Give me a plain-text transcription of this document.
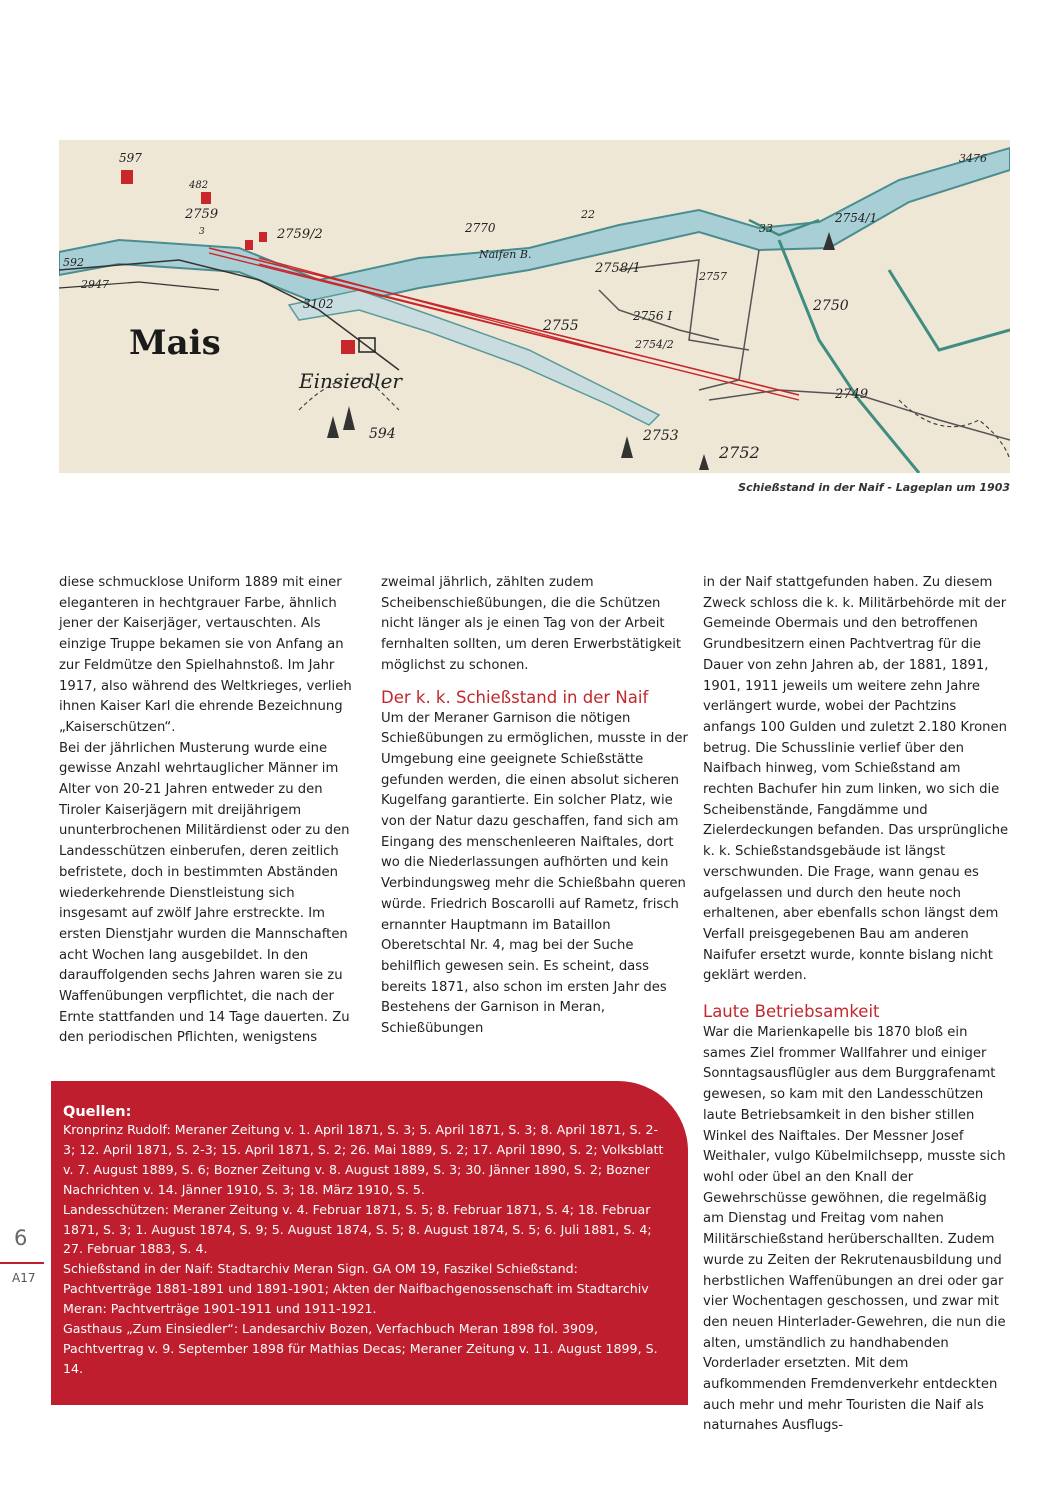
597
482
2759
3	2759/2	2770
22
3476
33
2754/1
592
2947
Naifen B.
2758/1
2757
2750
3102
2755
2756 I
2754/2
2749
594	2753
2752
Mais
Einsiedler
Schießstand in der Naif - Lageplan um 1903

diese schmucklose Uniform 1889 mit einer eleganteren in hechtgrauer Farbe, ähnlich jener der Kaiserjäger, vertauschten. Als einzige Truppe bekamen sie von Anfang an zur Feldmütze den Spielhahnstoß. Im Jahr 1917, also während des Weltkrieges, verlieh ihnen Kaiser Karl die ehrende Bezeichnung „Kaiserschützen“.

Bei der jährlichen Musterung wurde eine gewisse Anzahl wehrtauglicher Männer im Alter von 20-21 Jahren entweder zu den Tiroler Kaiserjägern mit dreijährigem ununterbrochenen Militärdienst oder zu den Landesschützen einberufen, deren zeitlich befristete, doch in bestimmten Abständen wiederkehrende Dienstleistung sich insgesamt auf zwölf Jahre erstreckte. Im ersten Dienstjahr wurden die Mannschaften acht Wochen lang ausgebildet. In den darauffolgenden sechs Jahren waren sie zu Waffenübungen verpflichtet, die nach der Ernte stattfanden und 14 Tage dauerten. Zu den periodischen Pflichten, wenigstens

zweimal jährlich, zählten zudem Scheibenschießübungen, die die Schützen nicht länger als je einen Tag von der Arbeit fernhalten sollten, um deren Erwerbstätigkeit möglichst zu schonen.

Der k. k. Schießstand in der Naif

Um der Meraner Garnison die nötigen Schießübungen zu ermöglichen, musste in der Umgebung eine geeignete Schießstätte gefunden werden, die einen absolut sicheren Kugelfang garantierte. Ein solcher Platz, wie von der Natur dazu geschaffen, fand sich am Eingang des menschenleeren Naiftales, dort wo die Niederlassungen aufhörten und kein Verbindungsweg mehr die Schießbahn queren würde. Friedrich Boscarolli auf Rametz, frisch ernannter Hauptmann im Bataillon Oberetschtal Nr. 4, mag bei der Suche behilflich gewesen sein. Es scheint, dass bereits 1871, also schon im ersten Jahr des Bestehens der Garnison in Meran, Schießübungen

in der Naif stattgefunden haben. Zu diesem Zweck schloss die k. k. Militärbehörde mit der Gemeinde Obermais und den betroffenen Grundbesitzern einen Pachtvertrag für die Dauer von zehn Jahren ab, der 1881, 1891, 1901, 1911 jeweils um weitere zehn Jahre verlängert wurde, wobei der Pachtzins anfangs 100 Gulden und zuletzt 2.180 Kronen betrug. Die Schusslinie verlief über den Naifbach hinweg, vom Schießstand am rechten Bachufer hin zum linken, wo sich die Scheibenstände, Fangdämme und Zielerdeckungen befanden. Das ursprüngliche k. k. Schießstandsgebäude ist längst verschwunden. Die Frage, wann genau es aufgelassen und durch den heute noch erhaltenen, aber ebenfalls schon längst dem Verfall preisgegebenen Bau am anderen Naifufer ersetzt wurde, konnte bislang nicht geklärt werden.

Laute Betriebsamkeit

War die Marienkapelle bis 1870 bloß ein sames Ziel frommer Wallfahrer und einiger Sonntagsausflügler aus dem Burggrafenamt gewesen, so kam mit den Landesschützen laute Betriebsamkeit in den bisher stillen Winkel des Naiftales. Der Messner Josef Weithaler, vulgo Kübelmilchsepp, musste sich wohl oder übel an den Knall der Gewehrschüsse gewöhnen, die regelmäßig am Dienstag und Freitag vom nahen Militärschießstand herüberschallten. Zudem wurde zu Zeiten der Rekrutenausbildung und herbstlichen Waffenübungen an drei oder gar vier Wochentagen geschossen, und zwar mit den neuen Hinterlader-Gewehren, die nun die alten, umständlich zu handhabenden Vorderlader ersetzten. Mit dem aufkommenden Fremdenverkehr entdeckten auch mehr und mehr Touristen die Naif als naturnahes Ausflugs-

Quellen:

Kronprinz Rudolf: Meraner Zeitung v. 1. April 1871, S. 3; 5. April 1871, S. 3; 8. April 1871, S. 2-3; 12. April 1871, S. 2-3; 15. April 1871, S. 2; 26. Mai 1889, S. 2; 17. April 1890, S. 2; Volksblatt v. 7. August 1889, S. 6; Bozner Zeitung v. 8. August 1889, S. 3; 30. Jänner 1890, S. 2; Bozner Nachrichten v. 14. Jänner 1910, S. 3; 18. März 1910, S. 5.

Landesschützen: Meraner Zeitung v. 4. Februar 1871, S. 5; 8. Februar 1871, S. 4; 18. Februar 1871, S. 3; 1. August 1874, S. 9; 5. August 1874, S. 5; 8. August 1874, S. 5; 6. Juli 1881, S. 4; 27. Februar 1883, S. 4.

Schießstand in der Naif: Stadtarchiv Meran Sign. GA OM 19, Faszikel Schießstand: Pachtverträge 1881-1891 und 1891-1901; Akten der Naifbachgenossenschaft im Stadtarchiv Meran: Pachtverträge 1901-1911 und 1911-1921.

Gasthaus „Zum Einsiedler“: Landesarchiv Bozen, Verfachbuch Meran 1898 fol. 3909, Pachtvertrag v. 9. September 1898 für Mathias Decas; Meraner Zeitung v. 11. August 1899, S. 14.

6
A17
